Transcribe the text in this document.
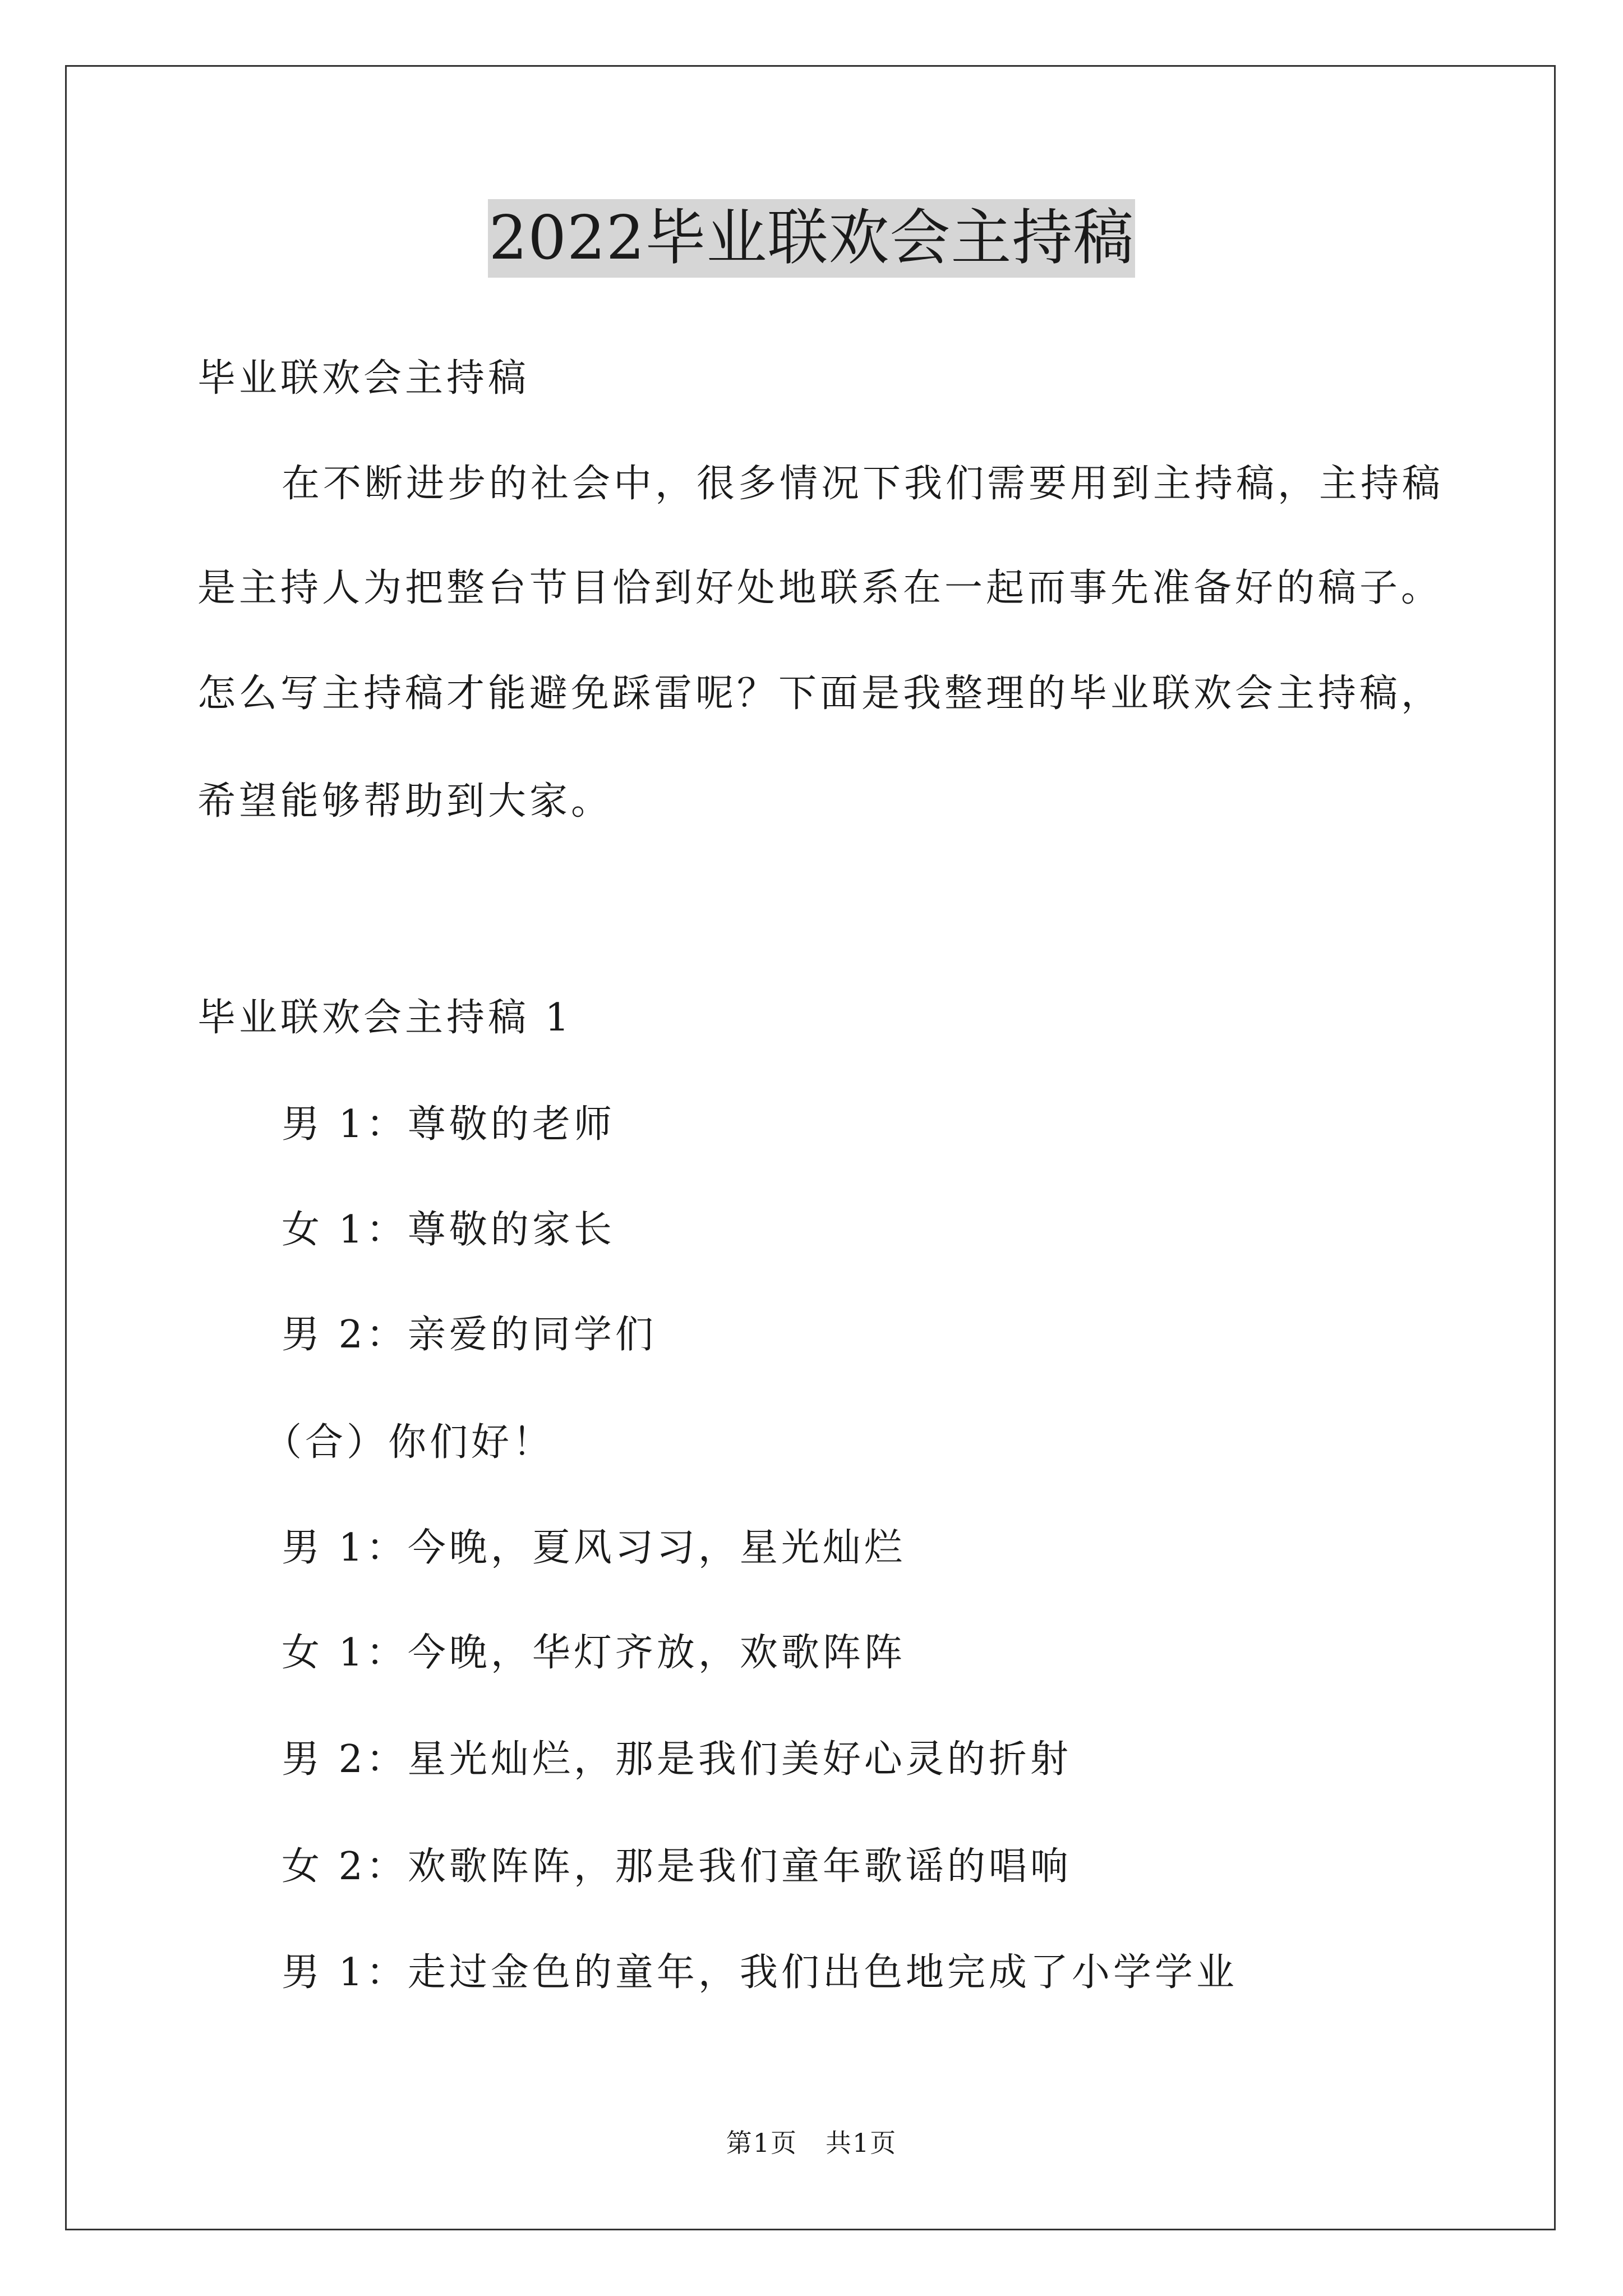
2022毕业联欢会主持稿
毕业联欢会主持稿
在不断进步的社会中，很多情况下我们需要用到主持稿，主持稿
是主持人为把整台节目恰到好处地联系在一起而事先准备好的稿子。
怎么写主持稿才能避免踩雷呢？下面是我整理的毕业联欢会主持稿，
希望能够帮助到大家。
毕业联欢会主持稿 1
男 1：尊敬的老师
女 1：尊敬的家长
男 2：亲爱的同学们
（合）你们好！
男 1：今晚，夏风习习，星光灿烂
女 1：今晚，华灯齐放，欢歌阵阵
男 2：星光灿烂，那是我们美好心灵的折射
女 2：欢歌阵阵，那是我们童年歌谣的唱响
男 1：走过金色的童年，我们出色地完成了小学学业
第1页 共1页
